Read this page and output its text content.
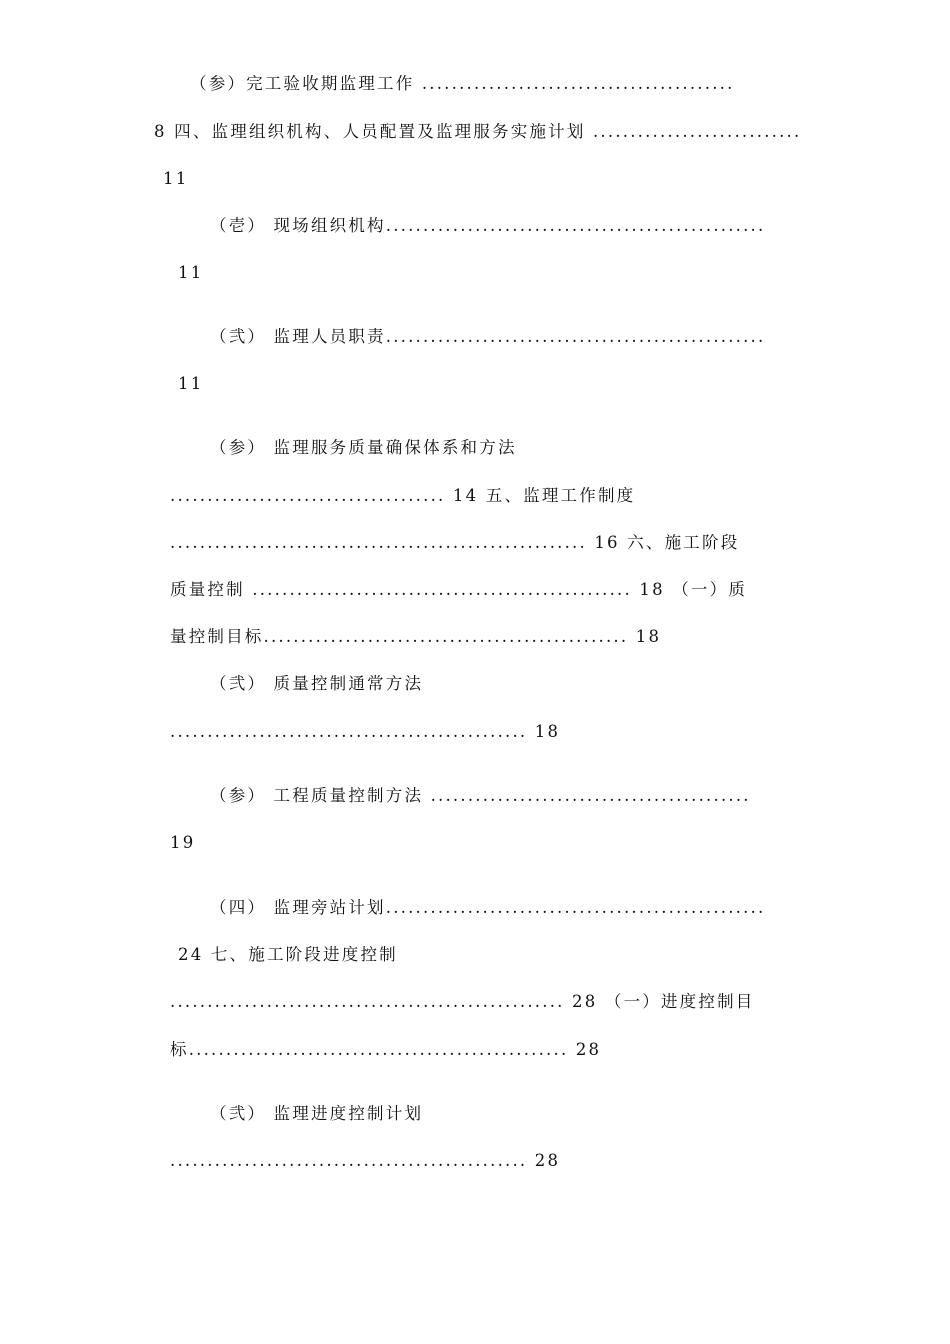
（参）完工验收期监理工作 ..........................................
8 四、监理组织机构、人员配置及监理服务实施计划 ............................
11
（壱） 现场组织机构...................................................
11
（弐） 监理人员职责...................................................
11
（参） 监理服务质量确保体系和方法
..................................... 14 五、监理工作制度
........................................................ 16 六、施工阶段
质量控制 ................................................... 18 （一）质
量控制目标................................................. 18
（弐） 质量控制通常方法
................................................ 18
（参） 工程质量控制方法 ...........................................
19
（四） 监理旁站计划...................................................
24 七、施工阶段进度控制
..................................................... 28 （一）进度控制目
标................................................... 28
（弐） 监理进度控制计划
................................................ 28
